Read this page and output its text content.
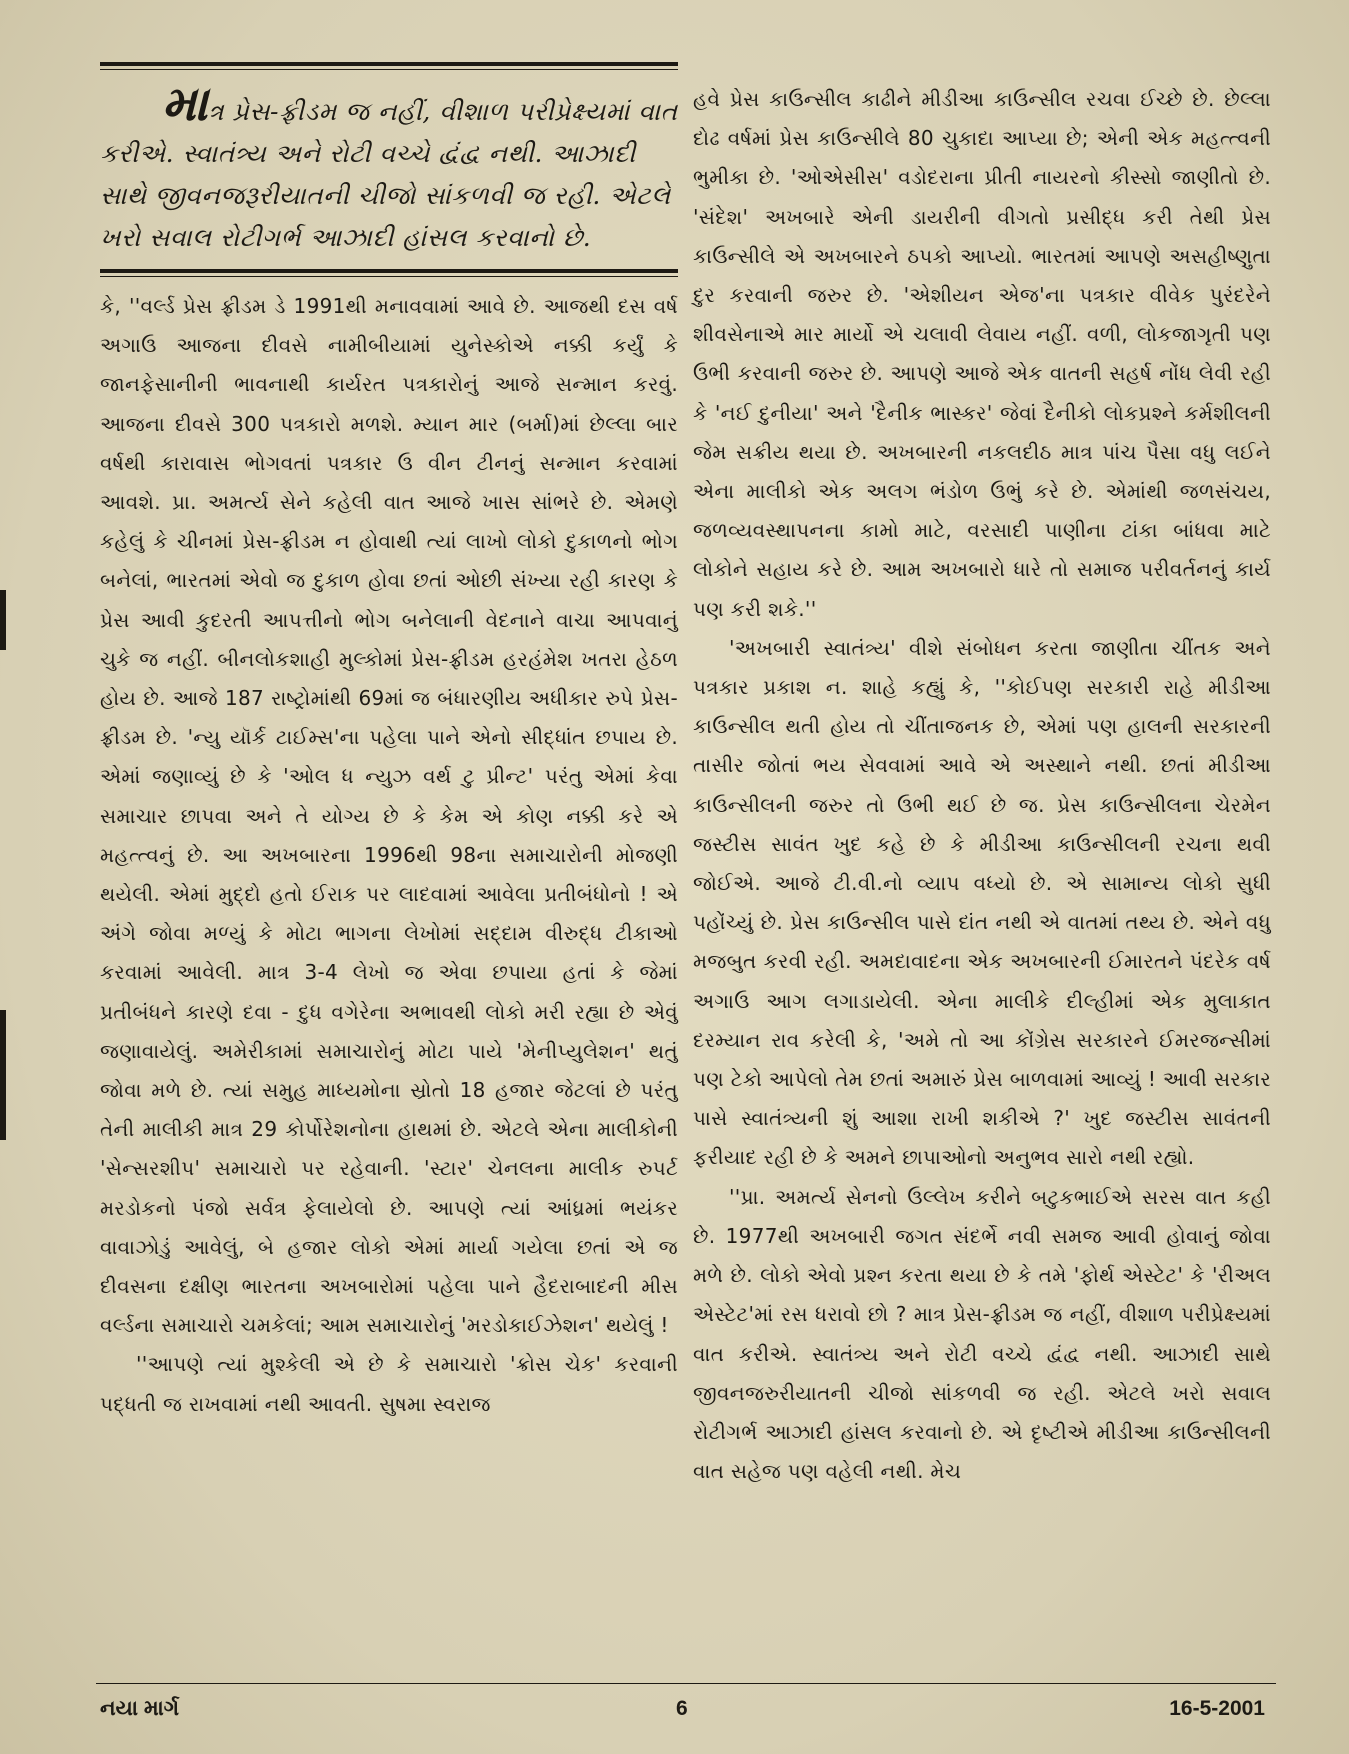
માત્ર પ્રેસ-ફ્રીડમ જ નહીં, વીશાળ પરીપ્રેક્ષ્યમાં વાત કરીએ. સ્વાતંત્ર્ય અને રોટી વચ્ચે દ્વંદ્વ નથી. આઝાદી સાથે જીવનજરૂરીયાતની ચીજો સાંકળવી જ રહી. એટલે ખરો સવાલ રોટીગર્ભ આઝાદી હાંસલ કરવાનો છે.

કે, ''વર્લ્ડ પ્રેસ ફ્રીડમ ડે 1991થી મનાવવામાં આવે છે. આજથી દસ વર્ષ અગાઉ આજના દીવસે નામીબીયામાં યુનેસ્કોએ નક્કી કર્યું કે જાનફેસાનીની ભાવનાથી કાર્યરત પત્રકારોનું આજે સન્માન કરવું. આજના દીવસે 300 પત્રકારો મળશે. મ્યાન માર (બર્મા)માં છેલ્લા બાર વર્ષથી કારાવાસ ભોગવતાં પત્રકાર ઉ વીન ટીનનું સન્માન કરવામાં આવશે. પ્રા. અમર્ત્ય સેને કહેલી વાત આજે ખાસ સાંભરે છે. એમણે કહેલું કે ચીનમાં પ્રેસ-ફ્રીડમ ન હોવાથી ત્યાં લાખો લોકો દુકાળનો ભોગ બનેલાં, ભારતમાં એવો જ દુકાળ હોવા છતાં ઓછી સંખ્યા રહી કારણ કે પ્રેસ આવી કુદરતી આપત્તીનો ભોગ બનેલાની વેદનાને વાચા આપવાનું ચુકે જ નહીં. બીનલોકશાહી મુલ્કોમાં પ્રેસ-ફ્રીડમ હરહંમેશ ખતરા હેઠળ હોય છે. આજે 187 રાષ્ટ્રોમાંથી 69માં જ બંધારણીય અધીકાર રુપે પ્રેસ-ફ્રીડમ છે. 'ન્યુ યૉર્ક ટાઈમ્સ'ના પહેલા પાને એનો સીદ્ધાંત છપાય છે. એમાં જણાવ્યું છે કે 'ઓલ ધ ન્યુઝ વર્થ ટુ પ્રીન્ટ' પરંતુ એમાં કેવા સમાચાર છાપવા અને તે યોગ્ય છે કે કેમ એ કોણ નક્કી કરે એ મહત્ત્વનું છે. આ અખબારના 1996થી 98ના સમાચારોની મોજણી થયેલી. એમાં મુદ્દો હતો ઈરાક પર લાદવામાં આવેલા પ્રતીબંધોનો ! એ અંગે જોવા મળ્યું કે મોટા ભાગના લેખોમાં સદ્દામ વીરુદ્ધ ટીકાઓ કરવામાં આવેલી. માત્ર 3-4 લેખો જ એવા છપાયા હતાં કે જેમાં પ્રતીબંધને કારણે દવા - દુધ વગેરેના અભાવથી લોકો મરી રહ્યા છે એવું જણાવાયેલું. અમેરીકામાં સમાચારોનું મોટા પાયે 'મેનીપ્યુલેશન' થતું જોવા મળે છે. ત્યાં સમુહ માધ્યમોના સ્રોતો 18 હજાર જેટલાં છે પરંતુ તેની માલીકી માત્ર 29 કોર્પોરેશનોના હાથમાં છે. એટલે એના માલીકોની 'સેન્સરશીપ' સમાચારો પર રહેવાની. 'સ્ટાર' ચેનલના માલીક રુપર્ટ મરડોકનો પંજો સર્વત્ર ફેલાયેલો છે. આપણે ત્યાં આંધ્રમાં ભયંકર વાવાઝોડું આવેલું, બે હજાર લોકો એમાં માર્યા ગયેલા છતાં એ જ દીવસના દક્ષીણ ભારતના અખબારોમાં પહેલા પાને હૈદરાબાદની મીસ વર્લ્ડના સમાચારો ચમકેલાં; આમ સમાચારોનું 'મરડોકાઈઝેશન' થયેલું !

''આપણે ત્યાં મુશ્કેલી એ છે કે સમાચારો 'ક્રોસ ચેક' કરવાની પદ્ધતી જ રાખવામાં નથી આવતી. સુષમા સ્વરાજ

હવે પ્રેસ કાઉન્સીલ કાઢીને મીડીઆ કાઉન્સીલ રચવા ઈચ્છે છે. છેલ્લા દોઢ વર્ષમાં પ્રેસ કાઉન્સીલે 80 ચુકાદા આપ્યા છે; એની એક મહત્ત્વની ભુમીકા છે. 'ઓએસીસ' વડોદરાના પ્રીતી નાયરનો કીસ્સો જાણીતો છે. 'સંદેશ' અખબારે એની ડાયરીની વીગતો પ્રસીદ્ધ કરી તેથી પ્રેસ કાઉન્સીલે એ અખબારને ઠપકો આપ્યો. ભારતમાં આપણે અસહીષ્ણુતા દુર કરવાની જરુર છે. 'એશીયન એજ'ના પત્રકાર વીવેક પુરંદરેને શીવસેનાએ માર માર્યો એ ચલાવી લેવાય નહીં. વળી, લોકજાગૃતી પણ ઉભી કરવાની જરુર છે. આપણે આજે એક વાતની સહર્ષ નોંધ લેવી રહી કે 'નઈ દુનીયા' અને 'દૈનીક ભાસ્કર' જેવાં દૈનીકો લોકપ્રશ્ને કર્મશીલની જેમ સક્રીય થયા છે. અખબારની નકલદીઠ માત્ર પાંચ પૈસા વધુ લઈને એના માલીકો એક અલગ ભંડોળ ઉભું કરે છે. એમાંથી જળસંચય, જળવ્યવસ્થાપનના કામો માટે, વરસાદી પાણીના ટાંકા બાંધવા માટે લોકોને સહાય કરે છે. આમ અખબારો ધારે તો સમાજ પરીવર્તનનું કાર્ય પણ કરી શકે.''

'અખબારી સ્વાતંત્ર્ય' વીશે સંબોધન કરતા જાણીતા ચીંતક અને પત્રકાર પ્રકાશ ન. શાહે કહ્યું કે, ''કોઈપણ સરકારી રાહે મીડીઆ કાઉન્સીલ થતી હોય તો ચીંતાજનક છે, એમાં પણ હાલની સરકારની તાસીર જોતાં ભય સેવવામાં આવે એ અસ્થાને નથી. છતાં મીડીઆ કાઉન્સીલની જરુર તો ઉભી થઈ છે જ. પ્રેસ કાઉન્સીલના ચેરમેન જસ્ટીસ સાવંત ખુદ કહે છે કે મીડીઆ કાઉન્સીલની રચના થવી જોઈએ. આજે ટી.વી.નો વ્યાપ વધ્યો છે. એ સામાન્ય લોકો સુધી પહોંચ્યું છે. પ્રેસ કાઉન્સીલ પાસે દાંત નથી એ વાતમાં તથ્ય છે. એને વધુ મજબુત કરવી રહી. અમદાવાદના એક અખબારની ઈમારતને પંદરેક વર્ષ અગાઉ આગ લગાડાયેલી. એના માલીકે દીલ્હીમાં એક મુલાકાત દરમ્યાન રાવ કરેલી કે, 'અમે તો આ કોંગ્રેસ સરકારને ઈમરજન્સીમાં પણ ટેકો આપેલો તેમ છતાં અમારું પ્રેસ બાળવામાં આવ્યું ! આવી સરકાર પાસે સ્વાતંત્ર્યની શું આશા રાખી શકીએ ?' ખુદ જસ્ટીસ સાવંતની ફરીયાદ રહી છે કે અમને છાપાઓનો અનુભવ સારો નથી રહ્યો.

''પ્રા. અમર્ત્ય સેનનો ઉલ્લેખ કરીને બટુકભાઈએ સરસ વાત કહી છે. 1977થી અખબારી જગત સંદર્ભે નવી સમજ આવી હોવાનું જોવા મળે છે. લોકો એવો પ્રશ્ન કરતા થયા છે કે તમે 'ફોર્થ એસ્ટેટ' કે 'રીઅલ એસ્ટેટ'માં રસ ધરાવો છો ? માત્ર પ્રેસ-ફ્રીડમ જ નહીં, વીશાળ પરીપ્રેક્ષ્યમાં વાત કરીએ. સ્વાતંત્ર્ય અને રોટી વચ્ચે દ્વંદ્વ નથી. આઝાદી સાથે જીવનજરુરીયાતની ચીજો સાંકળવી જ રહી. એટલે ખરો સવાલ રોટીગર્ભ આઝાદી હાંસલ કરવાનો છે. એ દૃષ્ટીએ મીડીઆ કાઉન્સીલની વાત સહેજ પણ વહેલી નથી. મેચ

નયા માર્ગ	6	16-5-2001
